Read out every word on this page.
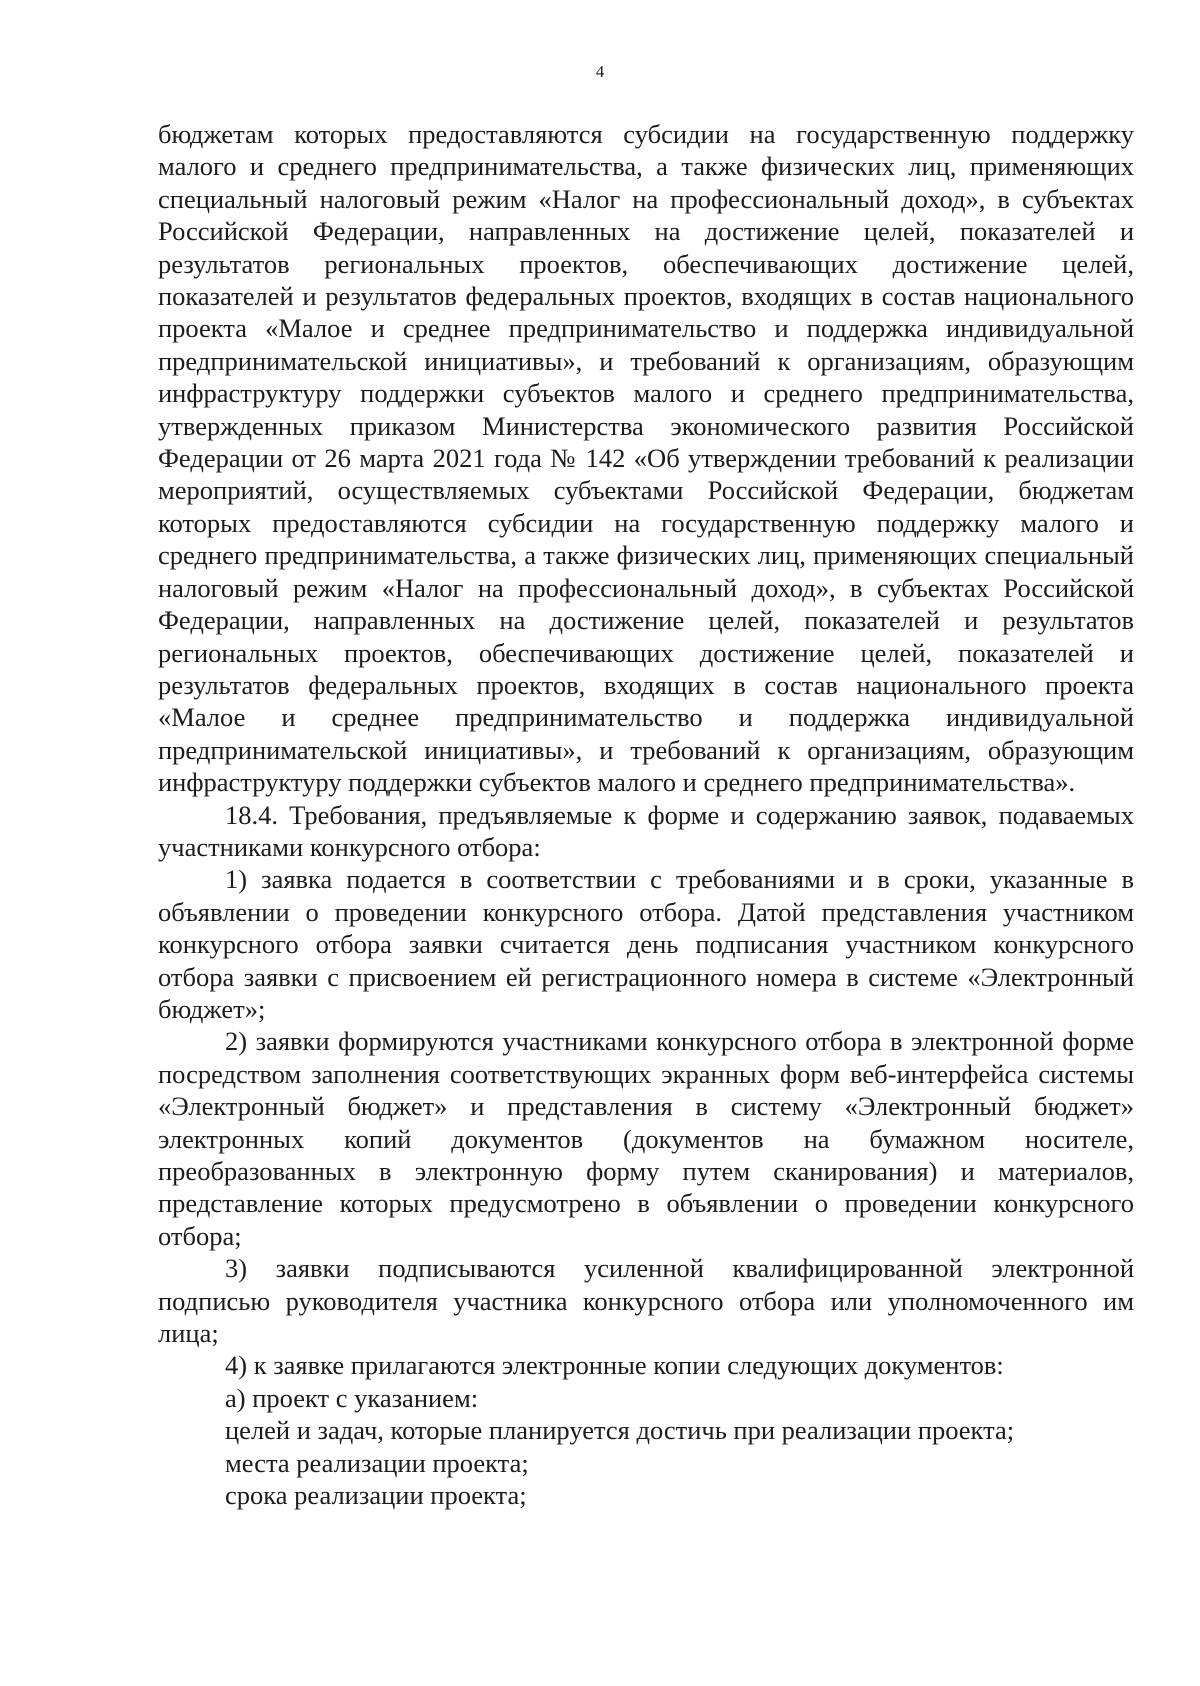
4

бюджетам которых предоставляются субсидии на государственную поддержку малого и среднего предпринимательства, а также физических лиц, применяющих специальный налоговый режим «Налог на профессиональный доход», в субъектах Российской Федерации, направленных на достижение целей, показателей и результатов региональных проектов, обеспечивающих достижение целей, показателей и результатов федеральных проектов, входящих в состав национального проекта «Малое и среднее предпринимательство и поддержка индивидуальной предпринимательской инициативы», и требований к организациям, образующим инфраструктуру поддержки субъектов малого и среднего предпринимательства, утвержденных приказом Министерства экономического развития Российской Федерации от 26 марта 2021 года № 142 «Об утверждении требований к реализации мероприятий, осуществляемых субъектами Российской Федерации, бюджетам которых предоставляются субсидии на государственную поддержку малого и среднего предпринимательства, а также физических лиц, применяющих специальный налоговый режим «Налог на профессиональный доход», в субъектах Российской Федерации, направленных на достижение целей, показателей и результатов региональных проектов, обеспечивающих достижение целей, показателей и результатов федеральных проектов, входящих в состав национального проекта «Малое и среднее предпринимательство и поддержка индивидуальной предпринимательской инициативы», и требований к организациям, образующим инфраструктуру поддержки субъектов малого и среднего предпринимательства».

18.4. Требования, предъявляемые к форме и содержанию заявок, подаваемых участниками конкурсного отбора:

1) заявка подается в соответствии с требованиями и в сроки, указанные в объявлении о проведении конкурсного отбора. Датой представления участником конкурсного отбора заявки считается день подписания участником конкурсного отбора заявки с присвоением ей регистрационного номера в системе «Электронный бюджет»;

2) заявки формируются участниками конкурсного отбора в электронной форме посредством заполнения соответствующих экранных форм веб-интерфейса системы «Электронный бюджет» и представления в систему «Электронный бюджет» электронных копий документов (документов на бумажном носителе, преобразованных в электронную форму путем сканирования) и материалов, представление которых предусмотрено в объявлении о проведении конкурсного отбора;

3) заявки подписываются усиленной квалифицированной электронной подписью руководителя участника конкурсного отбора или уполномоченного им лица;

4) к заявке прилагаются электронные копии следующих документов:

а) проект с указанием:

целей и задач, которые планируется достичь при реализации проекта;

места реализации проекта;

срока реализации проекта;
